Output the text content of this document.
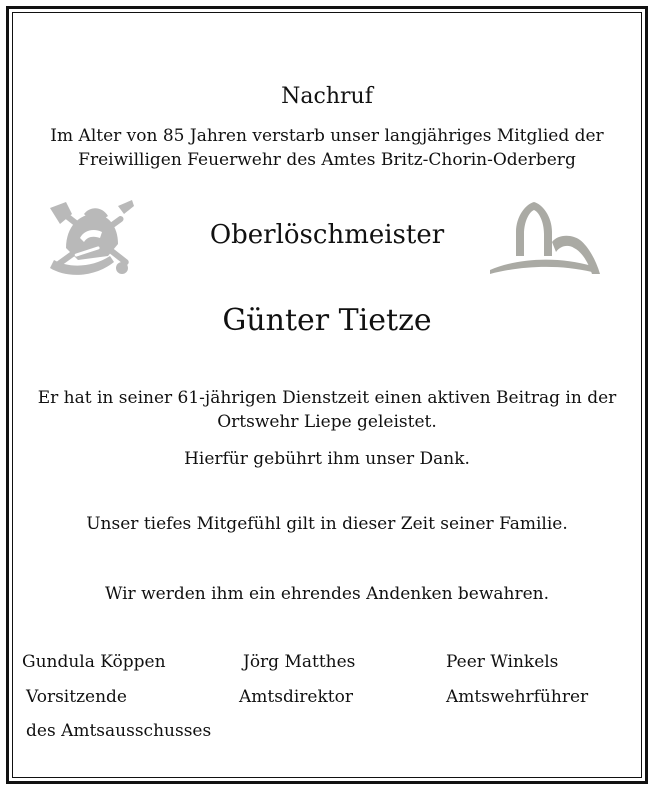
Nachruf
Im Alter von 85 Jahren verstarb unser langjähriges Mitglied der
Freiwilligen Feuerwehr des Amtes Britz-Chorin-Oderberg
Oberlöschmeister
Günter Tietze
Er hat in seiner 61-jährigen Dienstzeit einen aktiven Beitrag in der
Ortswehr Liepe geleistet.
Hierfür gebührt ihm unser Dank.
Unser tiefes Mitgefühl gilt in dieser Zeit seiner Familie.
Wir werden ihm ein ehrendes Andenken bewahren.
Gundula Köppen
Vorsitzende
des Amtsausschusses
Jörg Matthes
Amtsdirektor
Peer Winkels
Amtswehrführer
